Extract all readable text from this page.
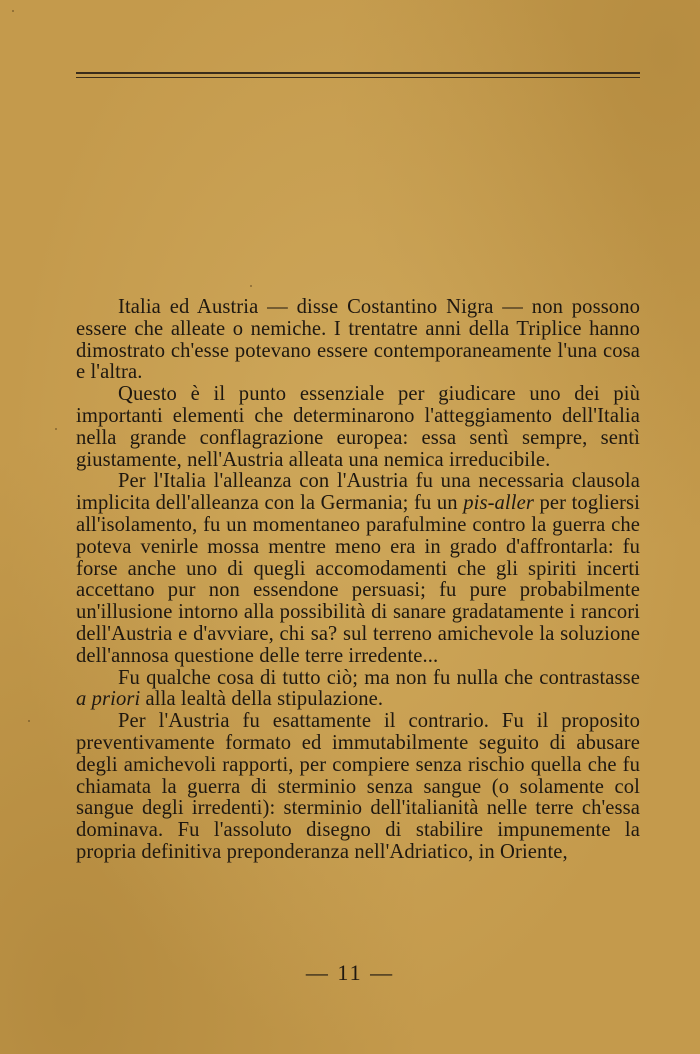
Italia ed Austria — disse Costantino Nigra — non possono essere che alleate o nemiche. I trentatre anni della Triplice hanno dimostrato ch'esse potevano essere contemporaneamente l'una cosa e l'altra.

Questo è il punto essenziale per giudicare uno dei più importanti elementi che determinarono l'atteggiamento dell'Italia nella grande conflagrazione europea: essa sentì sempre, sentì giustamente, nell'Austria alleata una nemica irreducibile.

Per l'Italia l'alleanza con l'Austria fu una necessaria clausola implicita dell'alleanza con la Germania; fu un pis-aller per togliersi all'isolamento, fu un momentaneo parafulmine contro la guerra che poteva venirle mossa mentre meno era in grado d'affrontarla: fu forse anche uno di quegli accomodamenti che gli spiriti incerti accettano pur non essendone persuasi; fu pure probabilmente un'illusione intorno alla possibilità di sanare gradatamente i rancori dell'Austria e d'avviare, chi sa? sul terreno amichevole la soluzione dell'annosa questione delle terre irredente...

Fu qualche cosa di tutto ciò; ma non fu nulla che contrastasse a priori alla lealtà della stipulazione.

Per l'Austria fu esattamente il contrario. Fu il proposito preventivamente formato ed immutabilmente seguito di abusare degli amichevoli rapporti, per compiere senza rischio quella che fu chiamata la guerra di sterminio senza sangue (o solamente col sangue degli irredenti): sterminio dell'italianità nelle terre ch'essa dominava. Fu l'assoluto disegno di stabilire impunemente la propria definitiva preponderanza nell'Adriatico, in Oriente,

— 11 —
